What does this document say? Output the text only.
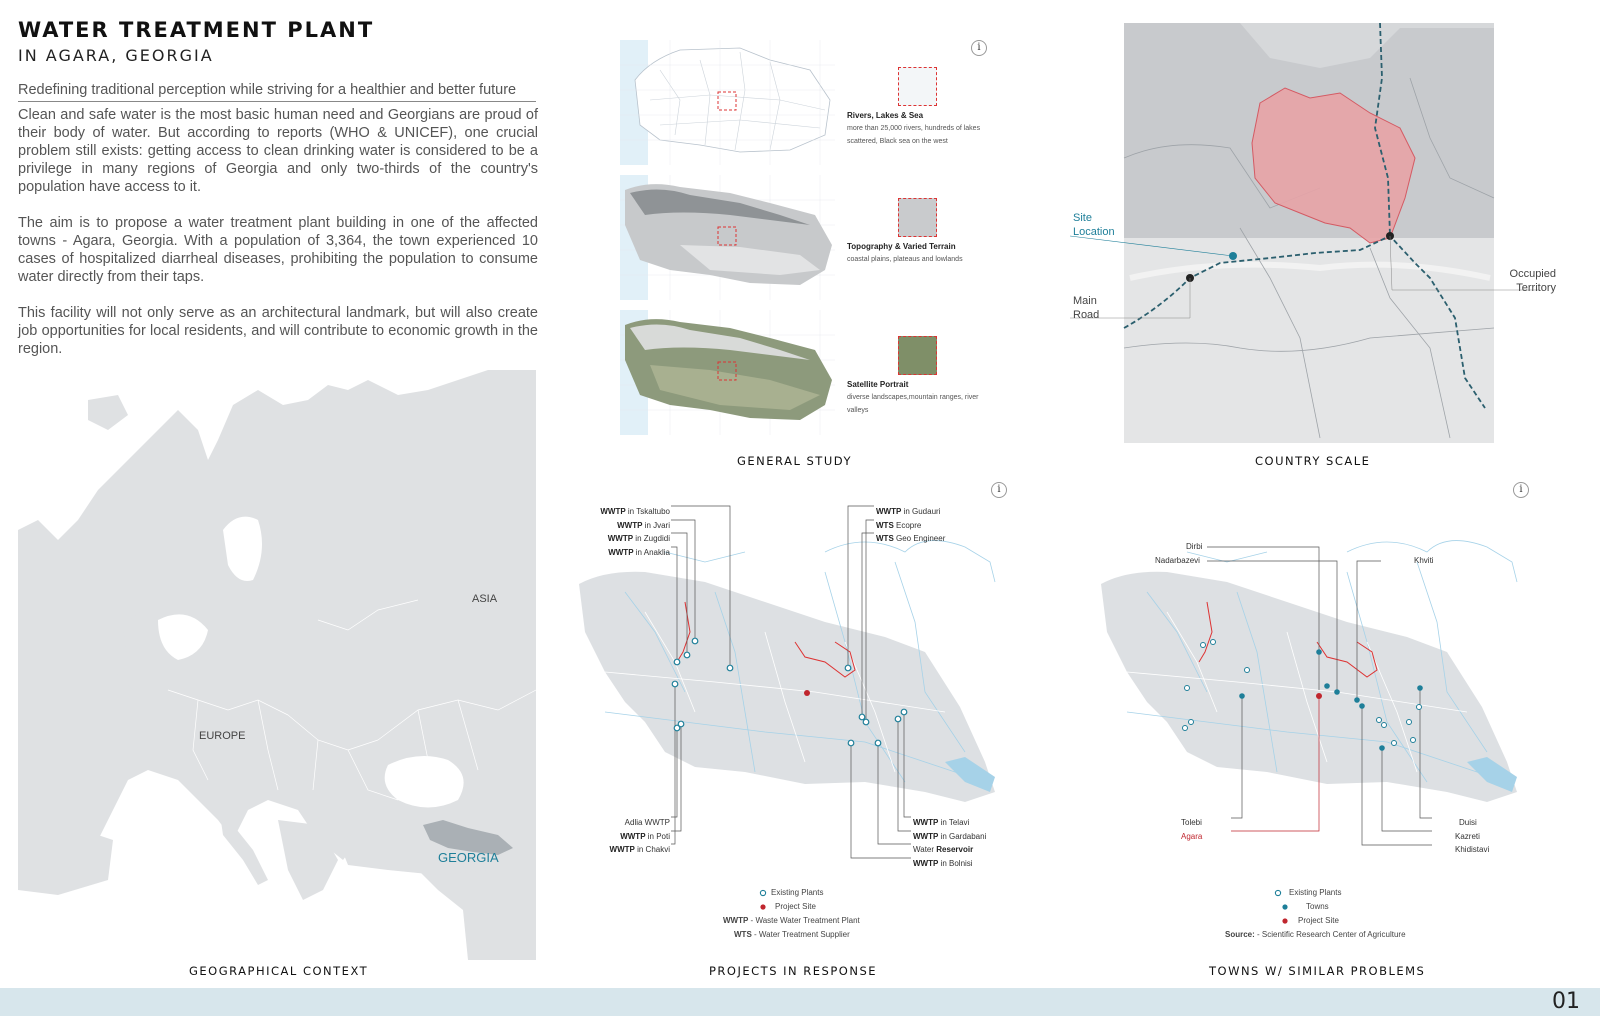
WATER TREATMENT PLANT
IN AGARA, GEORGIA
Redefining traditional perception while striving for a healthier and better future
Clean and safe water is the most basic human need and Georgians are proud of their body of water. But according to reports (WHO & UNICEF), one crucial problem still exists: getting access to clean drinking water is considered to be a privilege in many regions of Georgia and only two-thirds of the country's population have access to it.
The aim is to propose a water treatment plant building in one of the affected towns - Agara, Georgia. With a population of 3,364, the town experienced 10 cases of hospitalized diarrheal diseases, prohibiting the population to consume water directly from their taps.
This facility will not only serve as an architectural landmark, but will also create job opportunities for local residents, and will contribute to economic growth in the region.
ASIA
EUROPE
GEORGIA
GEOGRAPHICAL CONTEXT
i
Rivers, Lakes & Sea
more than 25,000 rivers, hundreds of lakes scattered, Black sea on the west
Topography & Varied Terrain
coastal plains, plateaus and lowlands
Satellite Portrait
diverse landscapes,mountain ranges, river valleys
GENERAL STUDY
Site
Location
Main
Road
Occupied
Territory
COUNTRY SCALE
i
WWTP in Tskaltubo
WWTP in Jvari
WWTP in Zugdidi
WWTP in Anaklia
WWTP in Gudauri
WTS Ecopre
WTS Geo Engineer
Adlia WWTP
WWTP in Poti
WWTP in Chakvi
WWTP in Telavi
WWTP in Gardabani
Water Reservoir
WWTP in Bolnisi
Existing Plants
Project Site
WWTP - Waste Water Treatment Plant
WTS - Water Treatment Supplier
PROJECTS IN RESPONSE
i
Dirbi
Nadarbazevi	Khviti
Tolebi
Agara
Duisi
Kazreti
Khidistavi
Existing Plants
Towns
Project Site
Source: - Scientific Research Center of Agriculture
TOWNS W/ SIMILAR PROBLEMS
01
